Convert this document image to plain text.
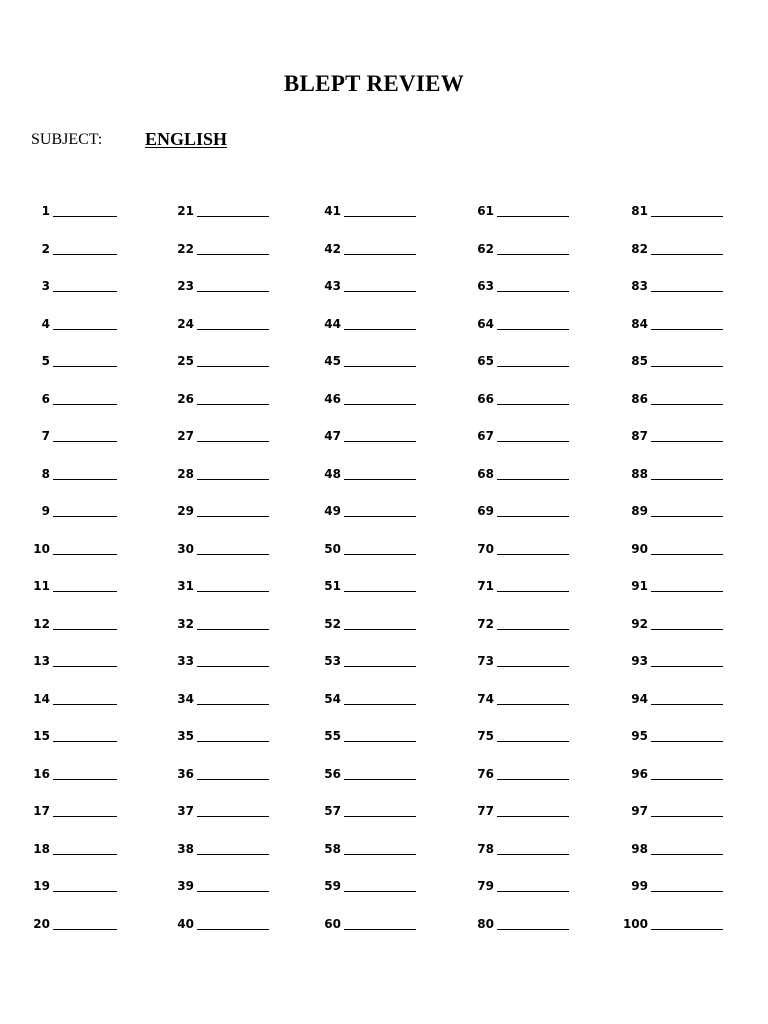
BLEPT REVIEW
SUBJECT: ENGLISH
1
2
3
4
5
6
7
8
9
10
11
12
13
14
15
16
17
18
19
20
21
22
23
24
25
26
27
28
29
30
31
32
33
34
35
36
37
38
39
40
41
42
43
44
45
46
47
48
49
50
51
52
53
54
55
56
57
58
59
60
61
62
63
64
65
66
67
68
69
70
71
72
73
74
75
76
77
78
79
80
81
82
83
84
85
86
87
88
89
90
91
92
93
94
95
96
97
98
99
100
